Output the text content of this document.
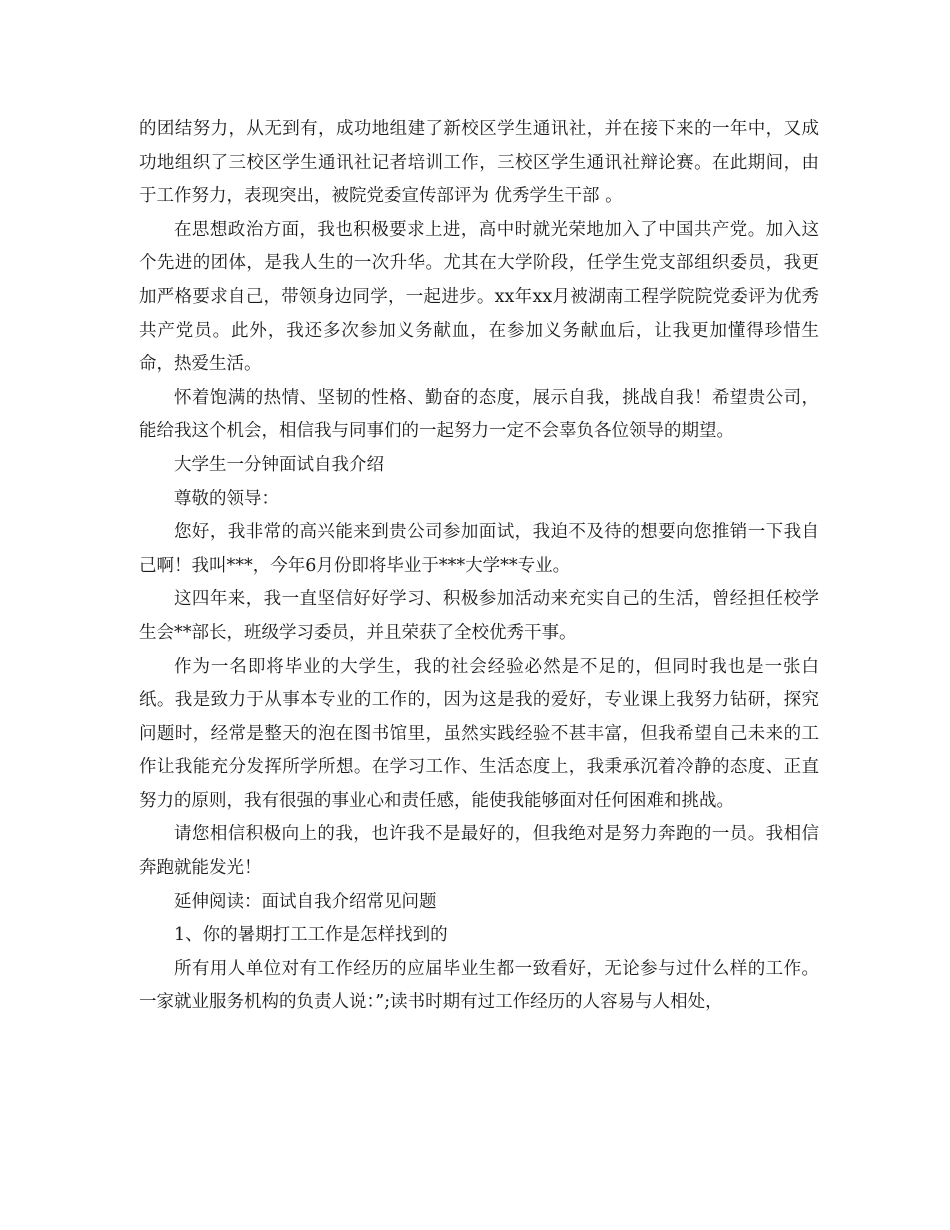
的团结努力，从无到有，成功地组建了新校区学生通讯社，并在接下来的一年中，又成功地组织了三校区学生通讯社记者培训工作，三校区学生通讯社辩论赛。在此期间，由于工作努力，表现突出，被院党委宣传部评为 优秀学生干部 。

在思想政治方面，我也积极要求上进，高中时就光荣地加入了中国共产党。加入这个先进的团体，是我人生的一次升华。尤其在大学阶段，任学生党支部组织委员，我更加严格要求自己，带领身边同学，一起进步。xx年xx月被湖南工程学院院党委评为优秀共产党员。此外，我还多次参加义务献血，在参加义务献血后，让我更加懂得珍惜生命，热爱生活。

怀着饱满的热情、坚韧的性格、勤奋的态度，展示自我，挑战自我！希望贵公司，能给我这个机会，相信我与同事们的一起努力一定不会辜负各位领导的期望。

大学生一分钟面试自我介绍

尊敬的领导：

您好，我非常的高兴能来到贵公司参加面试，我迫不及待的想要向您推销一下我自己啊！我叫***，今年6月份即将毕业于***大学**专业。

这四年来，我一直坚信好好学习、积极参加活动来充实自己的生活，曾经担任校学生会**部长，班级学习委员，并且荣获了全校优秀干事。

作为一名即将毕业的大学生，我的社会经验必然是不足的，但同时我也是一张白纸。我是致力于从事本专业的工作的，因为这是我的爱好，专业课上我努力钻研，探究问题时，经常是整天的泡在图书馆里，虽然实践经验不甚丰富，但我希望自己未来的工作让我能充分发挥所学所想。在学习工作、生活态度上，我秉承沉着冷静的态度、正直努力的原则，我有很强的事业心和责任感，能使我能够面对任何困难和挑战。

请您相信积极向上的我，也许我不是最好的，但我绝对是努力奔跑的一员。我相信奔跑就能发光！

延伸阅读：面试自我介绍常见问题

1、你的暑期打工工作是怎样找到的

所有用人单位对有工作经历的应届毕业生都一致看好，无论参与过什么样的工作。一家就业服务机构的负责人说：”;读书时期有过工作经历的人容易与人相处，
